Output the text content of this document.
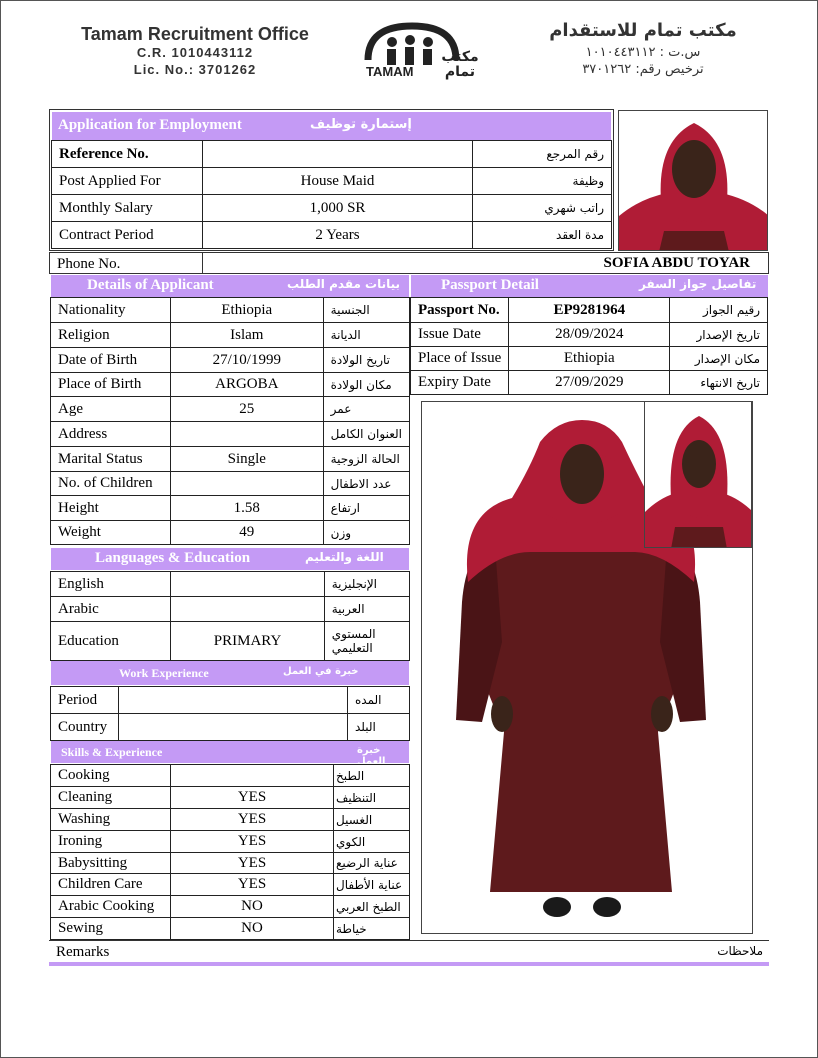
Tamam Recruitment Office
C.R. 1010443112
Lic. No.: 3701262	TAMAM
مكتب تمام
مكتب تمام للاستقدام
س.ت : ١٠١٠٤٤٣١١٢
ترخيص رقم: ٣٧٠١٢٦٢
Application for Employment	إستمارة توظيف
Reference No.		رقم المرجع
Post Applied For	House Maid	وظيفة
Monthly Salary	1,000 SR	راتب شهري
Contract Period	2 Years	مدة العقد
Phone No.	SOFIA ABDU TOYAR
Details of Applicant	بيانات مقدم الطلب
Nationality	Ethiopia	الجنسية
Religion	Islam	الديانة
Date of Birth	27/10/1999	تاريخ الولادة
Place of Birth	ARGOBA	مكان الولادة
Age	25	عمر
Address		العنوان الكامل
Marital Status	Single	الحالة الزوجية
No. of Children		عدد الاطفال
Height	1.58	ارتفاع
Weight	49	وزن
Passport Detail	تفاصيل جواز السفر
Passport No.	EP9281964	رقيم الجواز
Issue Date	28/09/2024	تاريخ الإصدار
Place of Issue	Ethiopia	مكان الإصدار
Expiry Date	27/09/2029	تاريخ الانتهاء
Languages & Education	اللغة والتعليم
English		الإنجليزية
Arabic		العربية
Education	PRIMARY	المستوي التعليمي
Work Experience	خبرة في العمل
Period		المده
Country		البلد
Skills & Experience	خبرة العمل
Cooking		الطبخ
Cleaning	YES	التنظيف
Washing	YES	الغسيل
Ironing	YES	الكوي
Babysitting	YES	عناية الرضيع
Children Care	YES	عناية الأطفال
Arabic Cooking	NO	الطبخ العربي
Sewing	NO	خياطة
Remarks	ملاحظات
